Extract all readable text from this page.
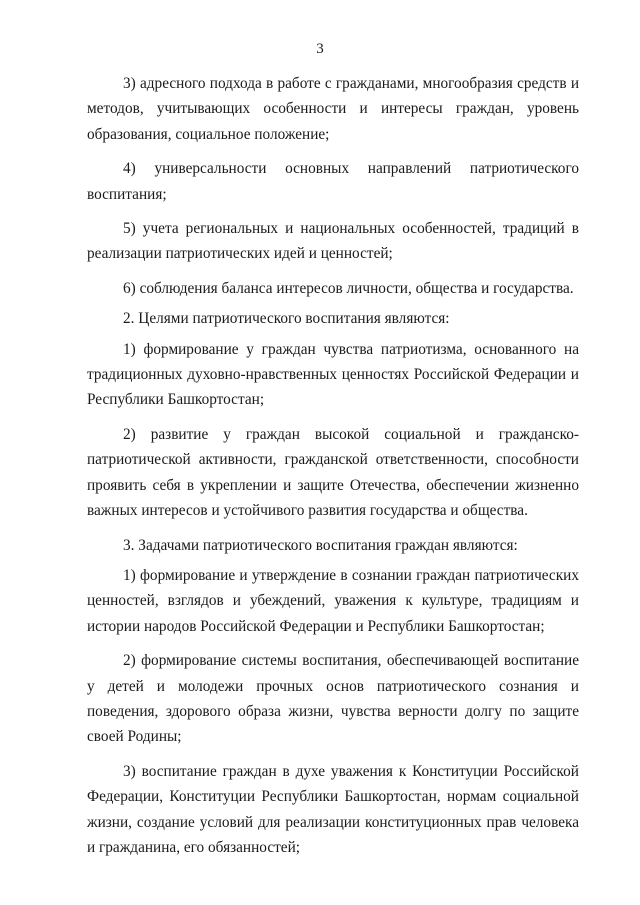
3

3) адресного подхода в работе с гражданами, многообразия средств и методов, учитывающих особенности и интересы граждан, уровень образования, социальное положение;

4) универсальности основных направлений патриотического воспитания;

5) учета региональных и национальных особенностей, традиций в реализации патриотических идей и ценностей;

6) соблюдения баланса интересов личности, общества и государства.

2. Целями патриотического воспитания являются:

1) формирование у граждан чувства патриотизма, основанного на традиционных духовно-нравственных ценностях Российской Федерации и Республики Башкортостан;

2) развитие у граждан высокой социальной и гражданско-патриотической активности, гражданской ответственности, способности проявить себя в укреплении и защите Отечества, обеспечении жизненно важных интересов и устойчивого развития государства и общества.

3. Задачами патриотического воспитания граждан являются:

1) формирование и утверждение в сознании граждан патриотических ценностей, взглядов и убеждений, уважения к культуре, традициям и истории народов Российской Федерации и Республики Башкортостан;

2) формирование системы воспитания, обеспечивающей воспитание у детей и молодежи прочных основ патриотического сознания и поведения, здорового образа жизни, чувства верности долгу по защите своей Родины;

3) воспитание граждан в духе уважения к Конституции Российской Федерации, Конституции Республики Башкортостан, нормам социальной жизни, создание условий для реализации конституционных прав человека и гражданина, его обязанностей;
